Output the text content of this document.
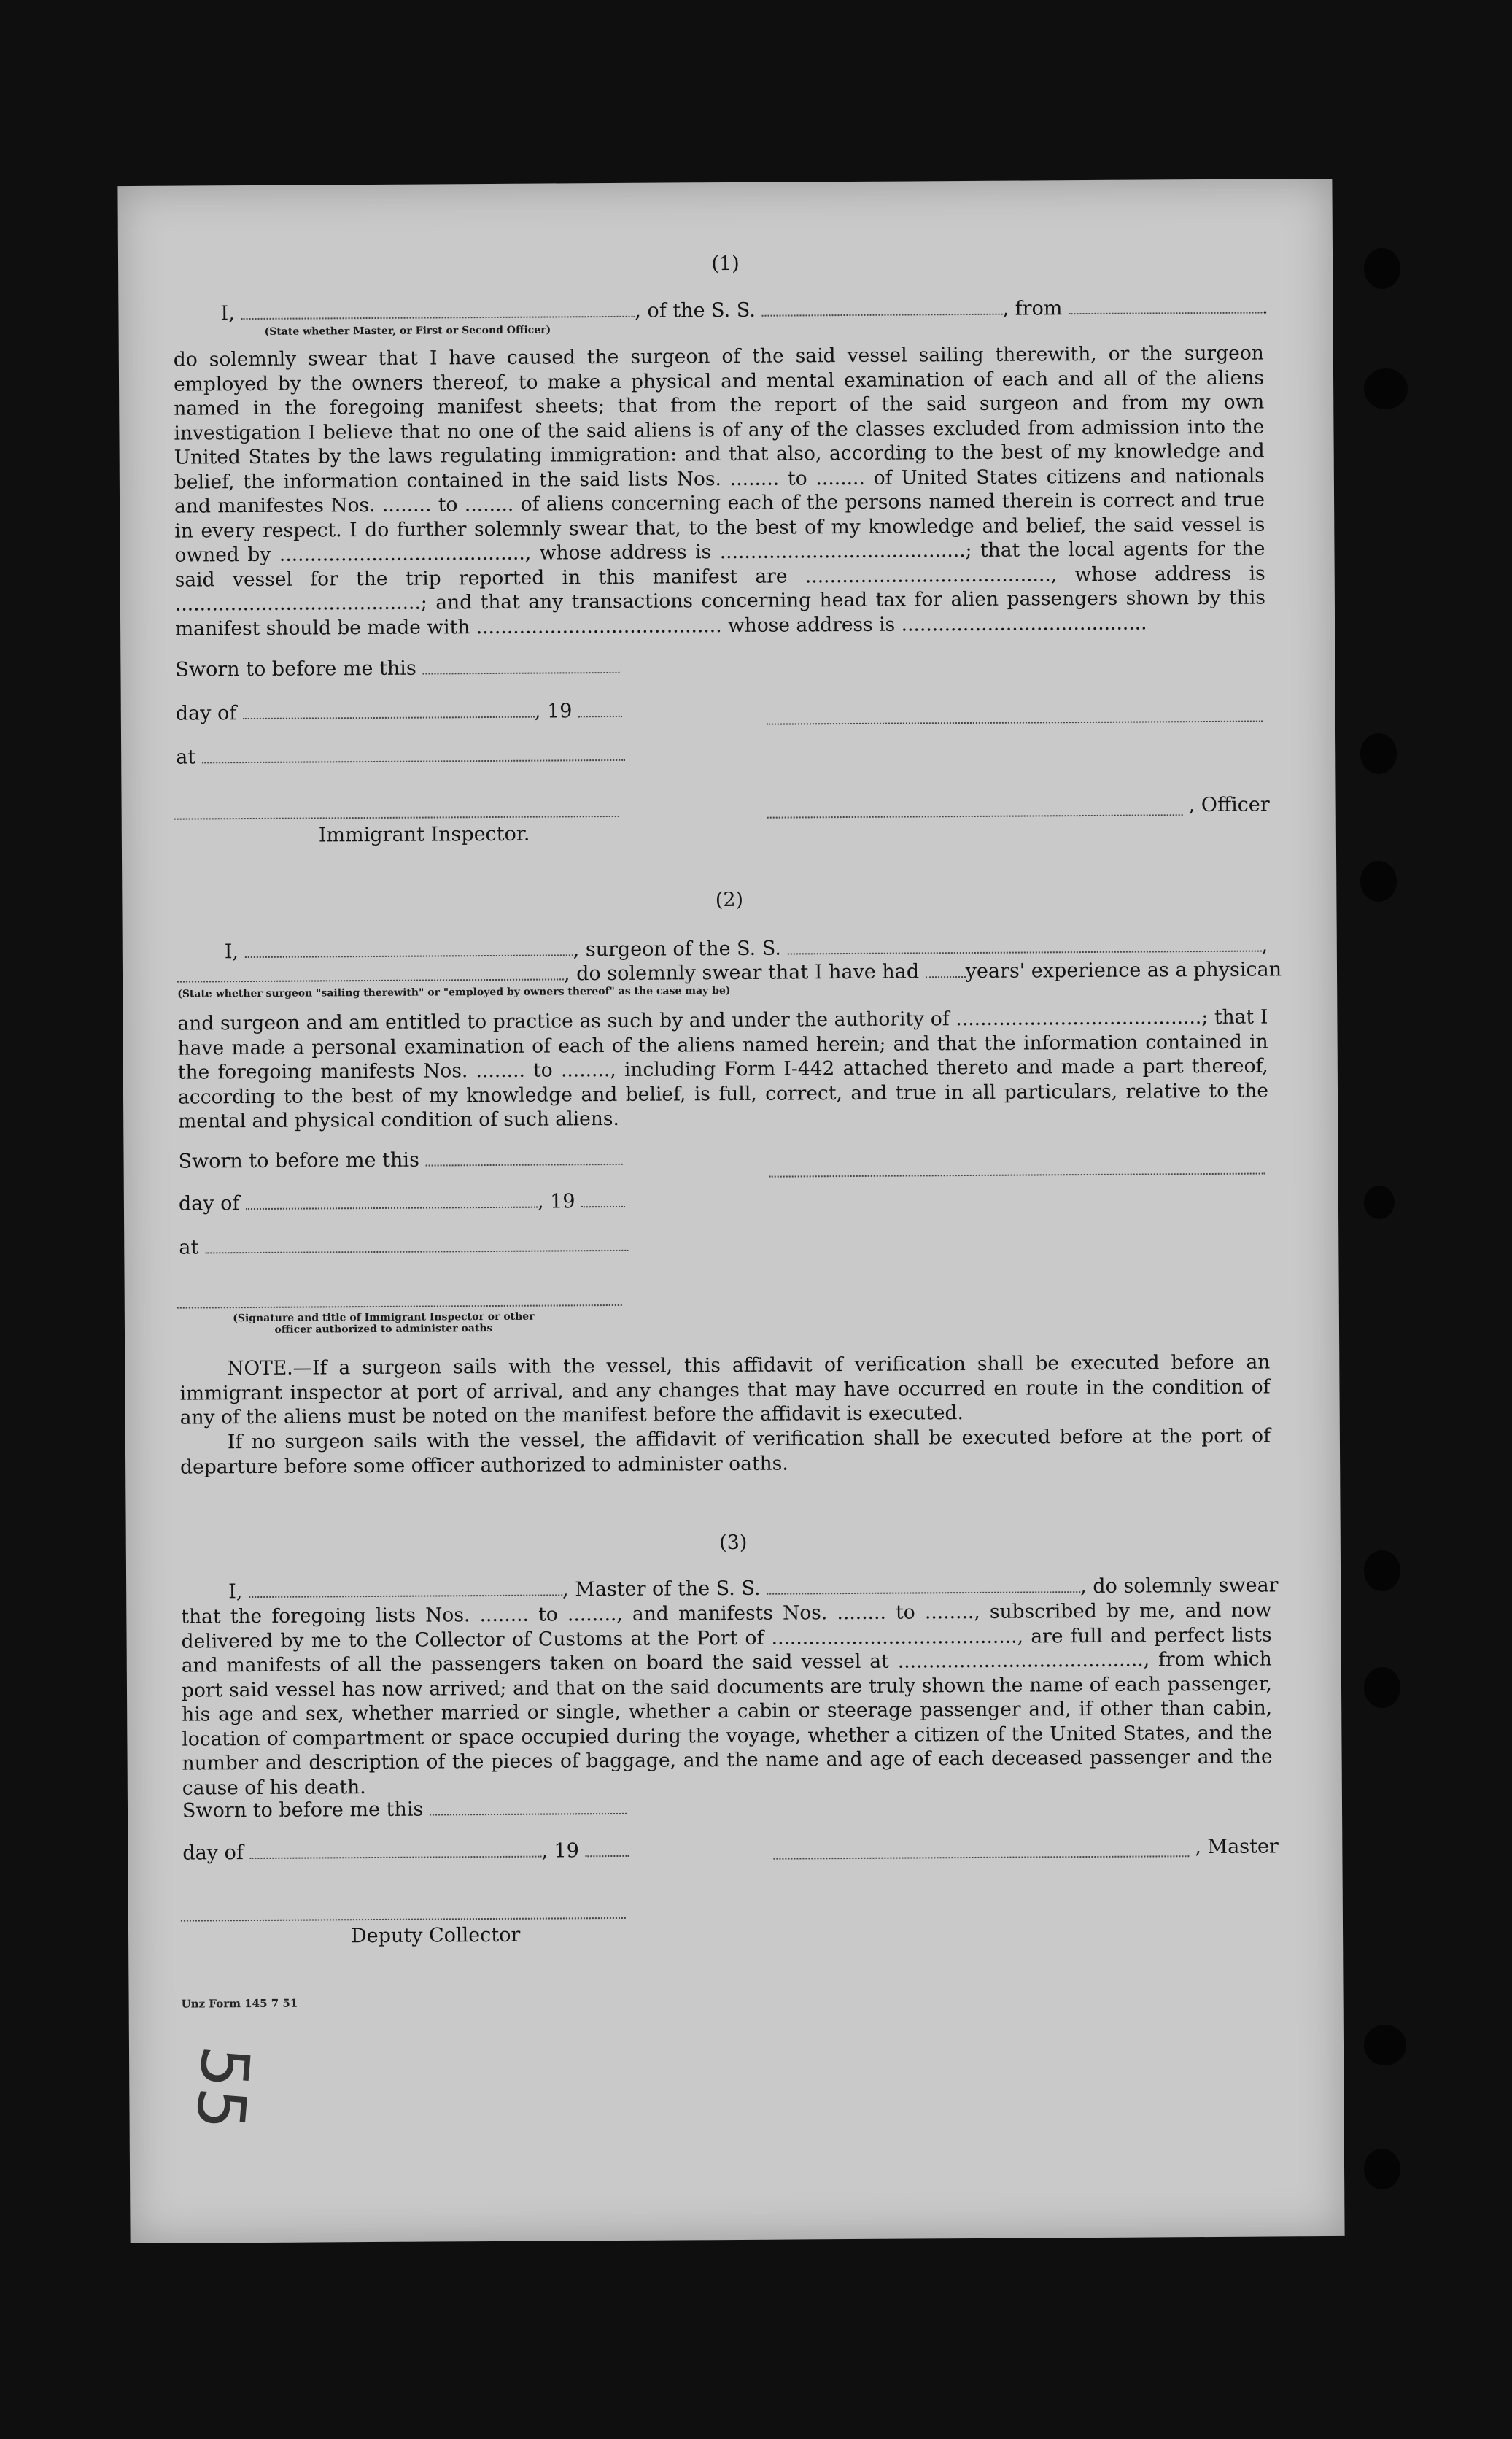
(1)
I,	, of the S. S.	, from	.
(State whether Master, or First or Second Officer)
do solemnly swear that I have caused the surgeon of the said vessel sailing therewith, or the surgeon employed by the owners thereof, to make a physical and mental examination of each and all of the aliens named in the foregoing manifest sheets; that from the report of the said surgeon and from my own investigation I believe that no one of the said aliens is of any of the classes excluded from admission into the United States by the laws regulating immigration: and that also, according to the best of my knowledge and belief, the information contained in the said lists Nos. ........ to ........ of United States citizens and nationals and manifestes Nos. ........ to ........ of aliens concerning each of the persons named therein is correct and true in every respect. I do further solemnly swear that, to the best of my knowledge and belief, the said vessel is owned by ........................................, whose address is ........................................; that the local agents for the said vessel for the trip reported in this manifest are ........................................, whose address is ........................................; and that any transactions concerning head tax for alien passengers shown by this manifest should be made with ........................................ whose address is ........................................
Sworn to before me this
day of	, 19
at
, Officer
Immigrant Inspector.
(2)
I,	, surgeon of the S. S.	,
, do solemnly swear that I have had years' experience as a physican
(State whether surgeon "sailing therewith" or "employed by owners thereof" as the case may be)
and surgeon and am entitled to practice as such by and under the authority of ........................................; that I have made a personal examination of each of the aliens named herein; and that the information contained in the foregoing manifests Nos. ........ to ........, including Form I-442 attached thereto and made a part thereof, according to the best of my knowledge and belief, is full, correct, and true in all particulars, relative to the mental and physical condition of such aliens.
Sworn to before me this
day of	, 19
at
(Signature and title of Immigrant Inspector or other officer authorized to administer oaths
NOTE.—If a surgeon sails with the vessel, this affidavit of verification shall be executed before an immigrant inspector at port of arrival, and any changes that may have occurred en route in the condition of any of the aliens must be noted on the manifest before the affidavit is executed.
If no surgeon sails with the vessel, the affidavit of verification shall be executed before at the port of departure before some officer authorized to administer oaths.
(3)
I,	, Master of the S. S.	, do solemnly swear
that the foregoing lists Nos. ........ to ........, and manifests Nos. ........ to ........, subscribed by me, and now delivered by me to the Collector of Customs at the Port of ........................................, are full and perfect lists and manifests of all the passengers taken on board the said vessel at ........................................, from which port said vessel has now arrived; and that on the said documents are truly shown the name of each passenger, his age and sex, whether married or single, whether a cabin or steerage passenger and, if other than cabin, location of compartment or space occupied during the voyage, whether a citizen of the United States, and the number and description of the pieces of baggage, and the name and age of each deceased passenger and the cause of his death.
Sworn to before me this
day of	, 19	, Master
Deputy Collector
Unz Form 145 7 51
55
